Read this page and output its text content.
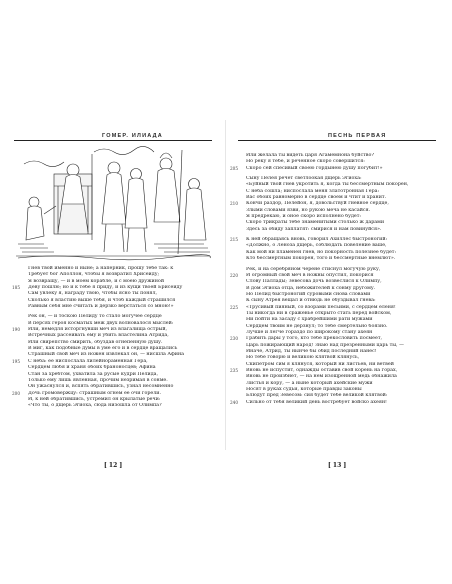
ГОМЕР. ИЛИАДА
Гнев твой именно и ныне; а наперник, прошу тебе так: к
Требует бог Аполлон, чтобы я возвратил Хрисеиду;
Я возвращу, — и в моем корабле, и с моею дружиной
185	Деву пошлю; но и к тебе я приду, и из кущи твоей Брисеиду
Сам увлеку я, награду твою, чтобы ясно ты понял,
Сколько я властию выше тебя, и чтоб каждый страшился
Равным себя мне считать и дерзко верстаться со мною!»
Рек он, — и тоскою Пелиду то стало могучее сердце
В персях героя косматых меж двух волновалося мыслей:
190	Или, немедля исторгнувши меч из влагалища острый,
Встречных рассеивать ему и убить властелина Атрида,
Или свирепство смирить, обуздав огнепенную душу.
В миг, как подобные думы в уме его и в сердце вращались
Страшный свой меч из ножен извлекал он, — нисшла Афина
195	С неба: ее ниспослала лилейнораменная Гера,
Сердцем любя и храня обоих браноносцев; Афина
Стан за хребтом, ухватила за русые кудри Пелида,
Только ему лишь явленная, прочим незримая в сонме.
Он ужаснулся и, вспять обратившись, узнал несомненно
200	Дочь громовержцу: страшным огнем ее очи горели.
И, к ней обратившись, устремил он крылатые речи:
«Что ты, о дщерь Эгиоха, сюда низошла от Олимпа?
[ 12 ]
ПЕСНЬ ПЕРВАЯ
Или желала ты видеть царя Агамемнона буйство?
Но реку я тебе, и реченное скоро совершится:
205	Скоро сей спесивый своею гордынею душу погубит!»
Сыну Пелея речет светлоокая дщерь Эгиоха:
«Буйный твой гнев укротить я, когда ты бессмертным покорен,
С неба сошла; ниспослала меня златотронная Гера:
Вас обоих равномерно в сердце своем и чтит и хранит.
210	Кончи раздор, Пелейон, я, довольствуй гневное сердце,
Злыми словами язви, но рукою меча не касайся.
Я предрекаю, и оное скоро исполнено будет:
Скоро трикраты тебе знаменитыми столько ж дарами
Здесь за обиду заплатят: смирися и нам повинуйся».
215	К ней обращаясь вновь, говорил Ахиллес быстроногий:
«Должно, о Леноза дщерь, соблюдать повеление ваше,
Как мой ни пламенен гнев, но покорность полезнее будет:
Кто бессмертным покорен, того и бессмертные внемлют».
Рек, и на серебряном черене стиснул могучую руку,
220	И огромный свой меч в ножны опустил, покорися
Слову Паллады; Зевесова дочь возвеслися к Олимпу,
В дом Эгиоха отца, небожителей к сонму другому.
Но Пелид быстроногий суровыми снова словами
К сыну Атрея вещал и отнюдь не обуздывал гнева:
225	«Трусивый пияный, со взорами песьими, с сердцем еленя!
Ты никогда ни в сраженье открыто стать перед войском,
Ни пойти на засаду с храбрейшими рати мужами
Сердцем твоим не дерзнул; то тебе смертельно боязно.
Лучше и легче гораздо по широкому стану ахеян
230	Грабить дары у того, кто тебе прекословить посмеет,
Царь пожирающий народ! Знаю над презренными царь ты, —
Иначе, Атрид, ты нынче бы обид последний нанес!
Но тебе говорю и великою клятвой клянусь,
Скипетром сим я клянуся, который ни листьев, ни ветвей
235	Вновь не испустит, однажды оставив свой корень на горах,
Вновь не произбнет, — на нем изощренной медь обнажила
Листья и кору, — а ныне который ахейские мужи
Носят в руках судьи, которые правды законы
Блюдут пред Зевесом: сия будет тебе великой клятвой:
240	Сильно от тебя великий день востребует войско ахеян!
[ 13 ]
